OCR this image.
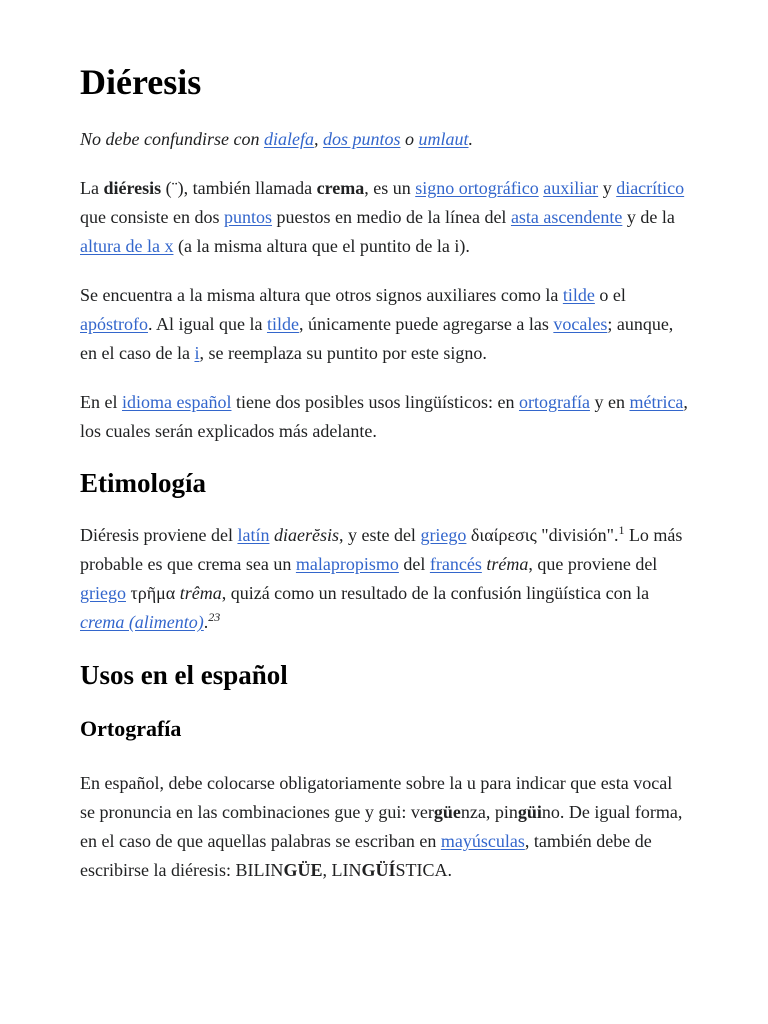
Diéresis

No debe confundirse con dialefa, dos puntos o umlaut.

La diéresis (¨), también llamada crema, es un signo ortográfico auxiliar y diacrítico que consiste en dos puntos puestos en medio de la línea del asta ascendente y de la altura de la x (a la misma altura que el puntito de la i).

Se encuentra a la misma altura que otros signos auxiliares como la tilde o el apóstrofo. Al igual que la tilde, únicamente puede agregarse a las vocales; aunque, en el caso de la i, se reemplaza su puntito por este signo.

En el idioma español tiene dos posibles usos lingüísticos: en ortografía y en métrica, los cuales serán explicados más adelante.

Etimología

Diéresis proviene del latín diaerĕsis, y este del griego διαίρεσις "división".$^1$ Lo más probable es que crema sea un malapropismo del francés tréma, que proviene del griego τρῆμα trêma, quizá como un resultado de la confusión lingüística con la crema (alimento).$^{23}$

Usos en el español
Ortografía

En español, debe colocarse obligatoriamente sobre la u para indicar que esta vocal se pronuncia en las combinaciones gue y gui: vergüenza, pingüino. De igual forma, en el caso de que aquellas palabras se escriban en mayúsculas, también debe de escribirse la diéresis: BILINGÜE, LINGÜÍSTICA.
